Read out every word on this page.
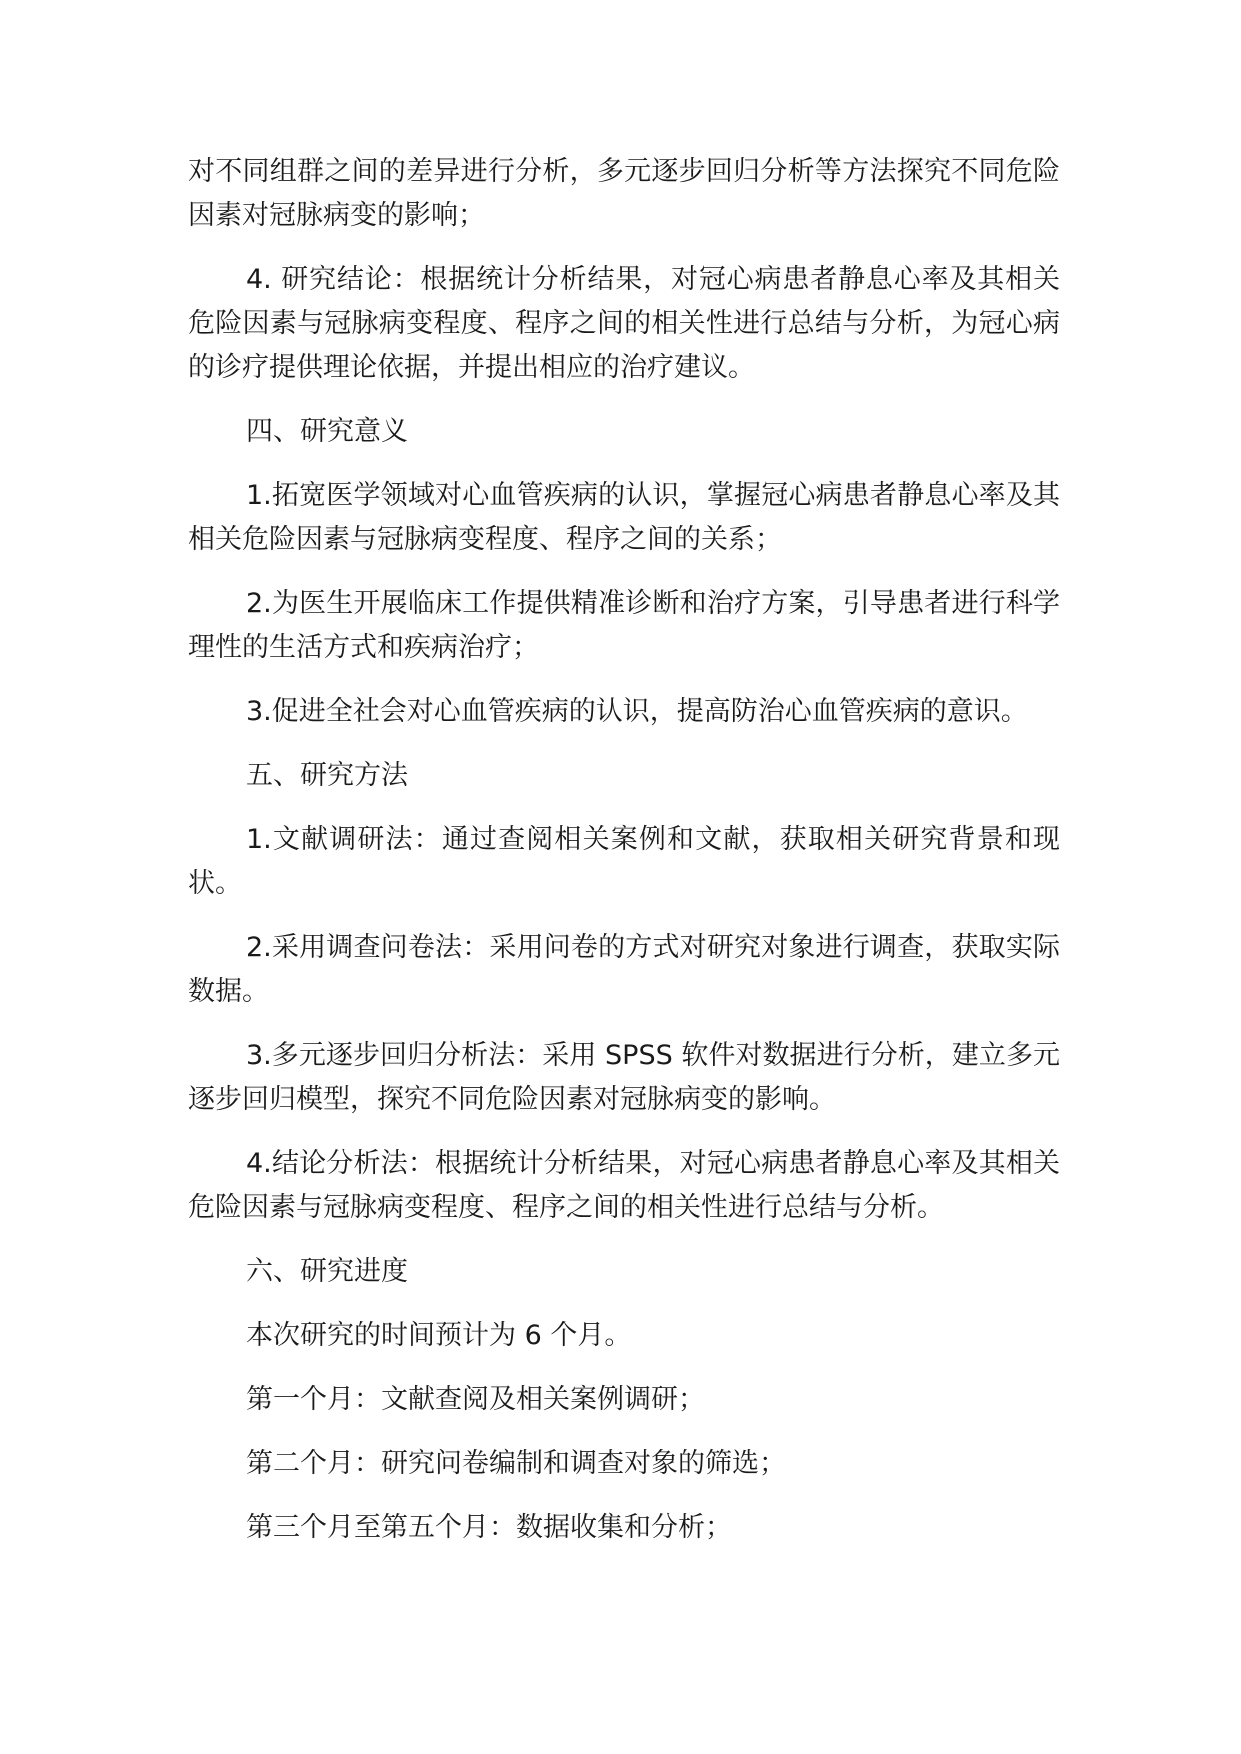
对不同组群之间的差异进行分析，多元逐步回归分析等方法探究不同危险因素对冠脉病变的影响；

4. 研究结论：根据统计分析结果，对冠心病患者静息心率及其相关危险因素与冠脉病变程度、程序之间的相关性进行总结与分析，为冠心病的诊疗提供理论依据，并提出相应的治疗建议。

四、研究意义

1.拓宽医学领域对心血管疾病的认识，掌握冠心病患者静息心率及其相关危险因素与冠脉病变程度、程序之间的关系；

2.为医生开展临床工作提供精准诊断和治疗方案，引导患者进行科学理性的生活方式和疾病治疗；

3.促进全社会对心血管疾病的认识，提高防治心血管疾病的意识。

五、研究方法

1.文献调研法：通过查阅相关案例和文献，获取相关研究背景和现状。

2.采用调查问卷法：采用问卷的方式对研究对象进行调查，获取实际数据。

3.多元逐步回归分析法：采用 SPSS 软件对数据进行分析，建立多元逐步回归模型，探究不同危险因素对冠脉病变的影响。

4.结论分析法：根据统计分析结果，对冠心病患者静息心率及其相关危险因素与冠脉病变程度、程序之间的相关性进行总结与分析。

六、研究进度

本次研究的时间预计为 6 个月。

第一个月：文献查阅及相关案例调研；

第二个月：研究问卷编制和调查对象的筛选；

第三个月至第五个月：数据收集和分析；
